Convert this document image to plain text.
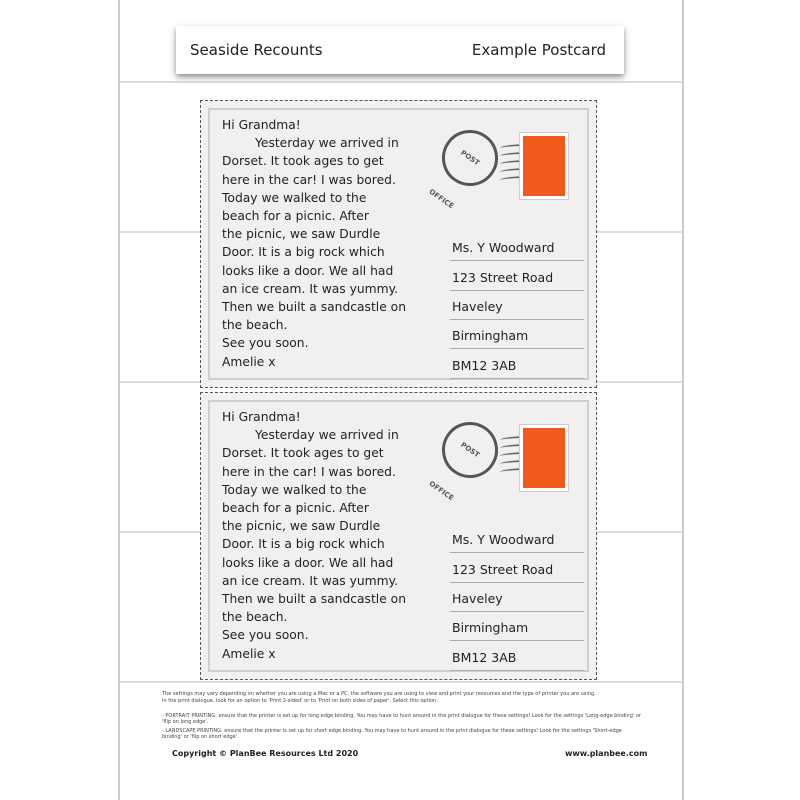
Seaside Recounts	Example Postcard
Hi Grandma!
Yesterday we arrived in
Dorset. It took ages to get
here in the car! I was bored.
Today we walked to the
beach for a picnic. After
the picnic, we saw Durdle
Door. It is a big rock which
looks like a door. We all had
an ice cream. It was yummy.
Then we built a sandcastle on
the beach.
See you soon.
Amelie x
POST OFFICE
Ms. Y Woodward
123 Street Road
Haveley
Birmingham
BM12 3AB
Hi Grandma!
Yesterday we arrived in
Dorset. It took ages to get
here in the car! I was bored.
Today we walked to the
beach for a picnic. After
the picnic, we saw Durdle
Door. It is a big rock which
looks like a door. We all had
an ice cream. It was yummy.
Then we built a sandcastle on
the beach.
See you soon.
Amelie x
POST OFFICE
Ms. Y Woodward
123 Street Road
Haveley
Birmingham
BM12 3AB
The settings may vary depending on whether you are using a Mac or a PC, the software you are using to view and print your resources and the type of printer you are using.
In the print dialogue, look for an option to 'Print 2-sided' or to 'Print on both sides of paper'. Select this option.
- PORTRAIT PRINTING: ensure that the printer is set up for long edge binding. You may have to hunt around in the print dialogue for these settings! Look for the settings 'Long-edge binding' or 'flip on long edge'.
- LANDSCAPE PRINTING: ensure that the printer is set up for short edge binding. You may have to hunt around in the print dialogue for these settings! Look for the settings 'Short-edge binding' or 'flip on short edge'.
Copyright © PlanBee Resources Ltd 2020	www.planbee.com
